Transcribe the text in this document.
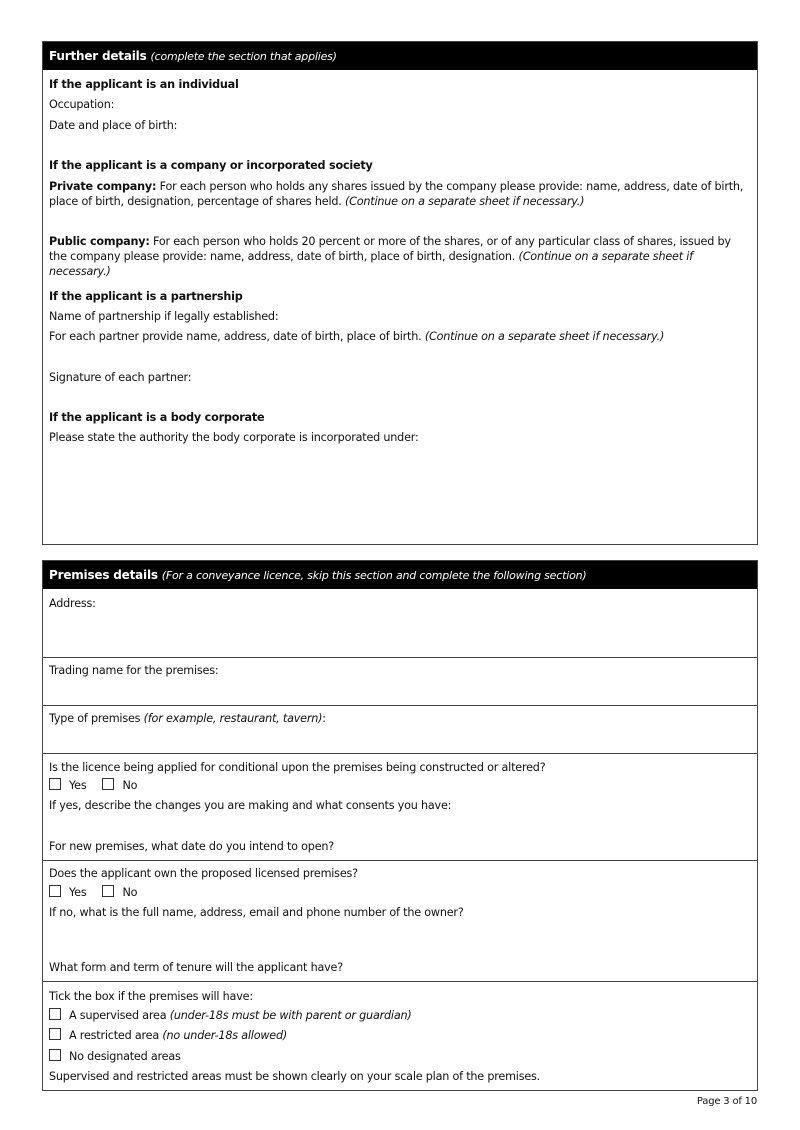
Further details (complete the section that applies)
If the applicant is an individual
Occupation:
Date and place of birth:
If the applicant is a company or incorporated society
Private company: For each person who holds any shares issued by the company please provide: name, address, date of birth, place of birth, designation, percentage of shares held. (Continue on a separate sheet if necessary.)
Public company: For each person who holds 20 percent or more of the shares, or of any particular class of shares, issued by the company please provide: name, address, date of birth, place of birth, designation. (Continue on a separate sheet if necessary.)
If the applicant is a partnership
Name of partnership if legally established:
For each partner provide name, address, date of birth, place of birth. (Continue on a separate sheet if necessary.)
Signature of each partner:
If the applicant is a body corporate
Please state the authority the body corporate is incorporated under:
Premises details (For a conveyance licence, skip this section and complete the following section)
Address:
Trading name for the premises:
Type of premises (for example, restaurant, tavern):
Is the licence being applied for conditional upon the premises being constructed or altered?
Yes	No
If yes, describe the changes you are making and what consents you have:
For new premises, what date do you intend to open?
Does the applicant own the proposed licensed premises?
Yes	No
If no, what is the full name, address, email and phone number of the owner?
What form and term of tenure will the applicant have?
Tick the box if the premises will have:
A supervised area (under-18s must be with parent or guardian)
A restricted area (no under-18s allowed)
No designated areas
Supervised and restricted areas must be shown clearly on your scale plan of the premises.
Page 3 of 10
